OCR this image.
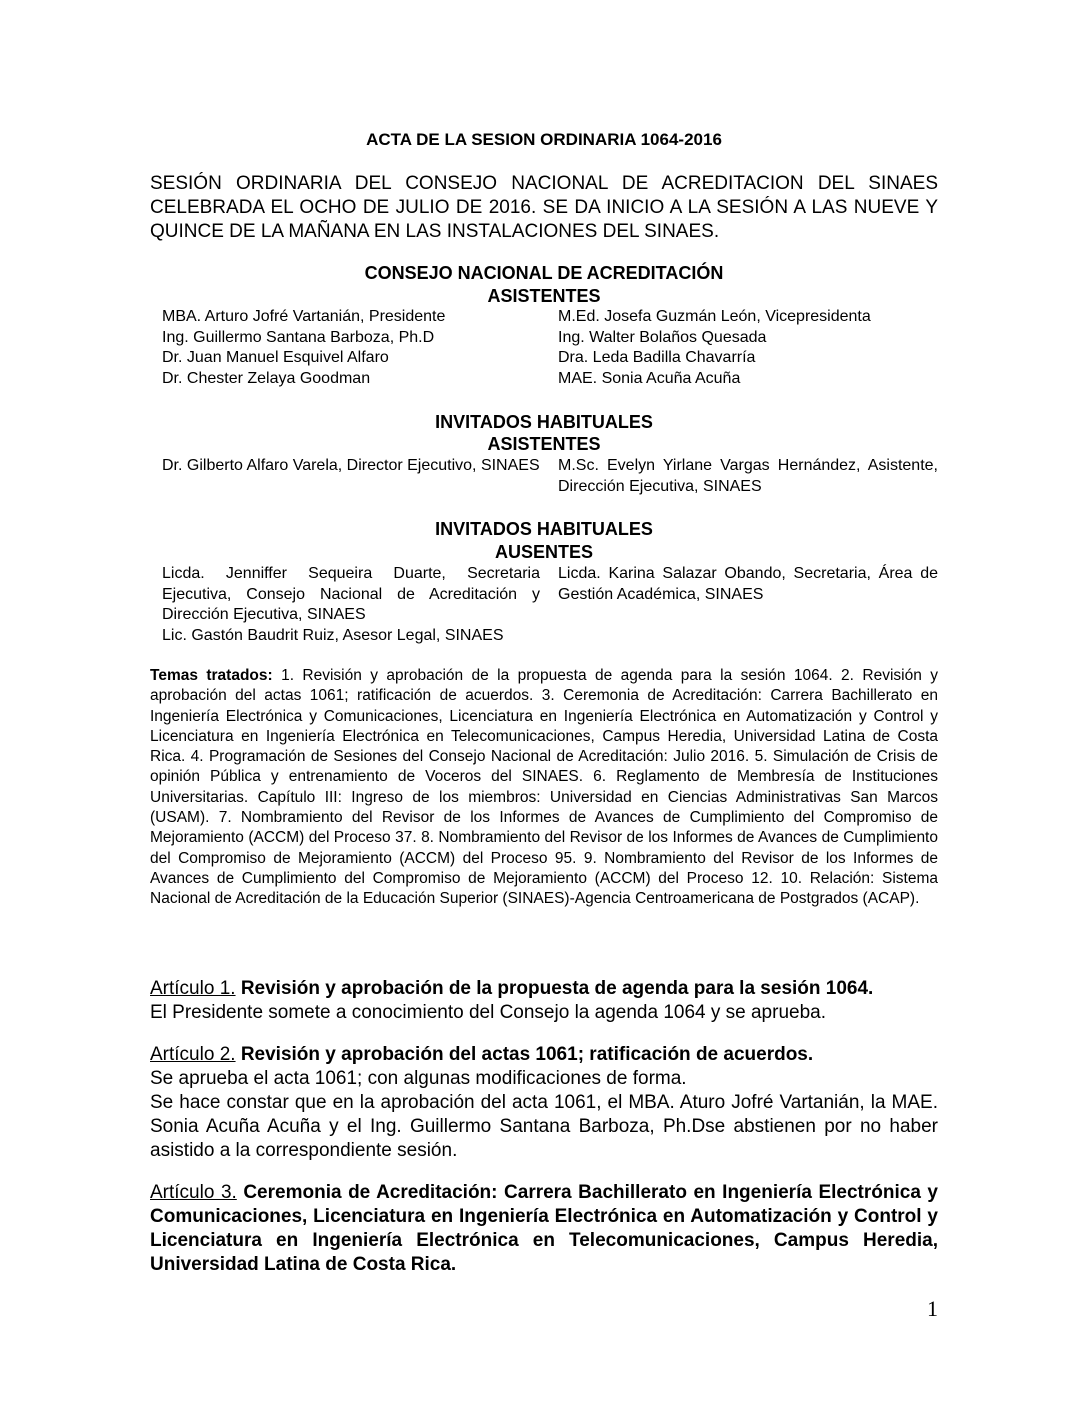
ACTA DE LA SESION ORDINARIA 1064-2016
SESIÓN ORDINARIA DEL CONSEJO NACIONAL DE ACREDITACION DEL SINAES CELEBRADA EL OCHO DE JULIO DE 2016. SE DA INICIO A LA SESIÓN A LAS NUEVE Y QUINCE DE LA MAÑANA EN LAS INSTALACIONES DEL SINAES.
CONSEJO NACIONAL DE ACREDITACIÓN
ASISTENTES
MBA. Arturo Jofré Vartanián, Presidente
Ing. Guillermo Santana Barboza, Ph.D
Dr. Juan Manuel Esquivel Alfaro
Dr. Chester Zelaya Goodman
M.Ed. Josefa Guzmán León, Vicepresidenta
Ing. Walter Bolaños Quesada
Dra. Leda Badilla Chavarría
MAE. Sonia Acuña Acuña
INVITADOS HABITUALES
ASISTENTES
Dr. Gilberto Alfaro Varela, Director Ejecutivo, SINAES	M.Sc. Evelyn Yirlane Vargas Hernández, Asistente, Dirección Ejecutiva, SINAES
INVITADOS HABITUALES
AUSENTES
Licda. Jenniffer Sequeira Duarte, Secretaria Ejecutiva, Consejo Nacional de Acreditación y Dirección Ejecutiva, SINAES
Lic. Gastón Baudrit Ruiz, Asesor Legal, SINAES
Licda. Karina Salazar Obando, Secretaria, Área de Gestión Académica, SINAES
Temas tratados: 1. Revisión y aprobación de la propuesta de agenda para la sesión 1064. 2. Revisión y aprobación del actas 1061; ratificación de acuerdos. 3. Ceremonia de Acreditación: Carrera Bachillerato en Ingeniería Electrónica y Comunicaciones, Licenciatura en Ingeniería Electrónica en Automatización y Control y Licenciatura en Ingeniería Electrónica en Telecomunicaciones, Campus Heredia, Universidad Latina de Costa Rica. 4. Programación de Sesiones del Consejo Nacional de Acreditación: Julio 2016. 5. Simulación de Crisis de opinión Pública y entrenamiento de Voceros del SINAES. 6. Reglamento de Membresía de Instituciones Universitarias. Capítulo III: Ingreso de los miembros: Universidad en Ciencias Administrativas San Marcos (USAM). 7. Nombramiento del Revisor de los Informes de Avances de Cumplimiento del Compromiso de Mejoramiento (ACCM) del Proceso 37. 8. Nombramiento del Revisor de los Informes de Avances de Cumplimiento del Compromiso de Mejoramiento (ACCM) del Proceso 95. 9. Nombramiento del Revisor de los Informes de Avances de Cumplimiento del Compromiso de Mejoramiento (ACCM) del Proceso 12. 10. Relación: Sistema Nacional de Acreditación de la Educación Superior (SINAES)-Agencia Centroamericana de Postgrados (ACAP).

Artículo 1. Revisión y aprobación de la propuesta de agenda para la sesión 1064.

El Presidente somete a conocimiento del Consejo la agenda 1064 y se aprueba.

Artículo 2. Revisión y aprobación del actas 1061; ratificación de acuerdos.

Se aprueba el acta 1061; con algunas modificaciones de forma.

Se hace constar que en la aprobación del acta 1061, el MBA. Aturo Jofré Vartanián, la MAE. Sonia Acuña Acuña y el Ing. Guillermo Santana Barboza, Ph.Dse abstienen por no haber asistido a la correspondiente sesión.

Artículo 3. Ceremonia de Acreditación: Carrera Bachillerato en Ingeniería Electrónica y Comunicaciones, Licenciatura en Ingeniería Electrónica en Automatización y Control y Licenciatura en Ingeniería Electrónica en Telecomunicaciones, Campus Heredia, Universidad Latina de Costa Rica.

1
